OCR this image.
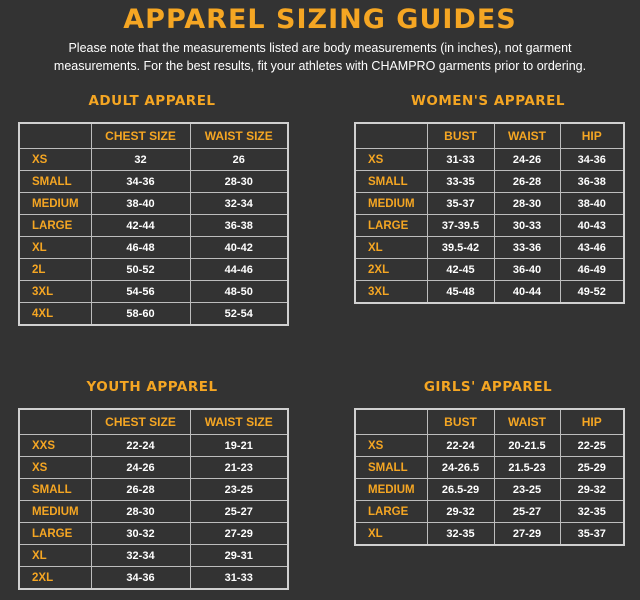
APPAREL SIZING GUIDES
Please note that the measurements listed are body measurements (in inches), not garment measurements. For the best results, fit your athletes with CHAMPRO garments prior to ordering.
ADULT APPAREL
	CHEST SIZE	WAIST SIZE
XS	32	26
SMALL	34-36	28-30
MEDIUM	38-40	32-34
LARGE	42-44	36-38
XL	46-48	40-42
2L	50-52	44-46
3XL	54-56	48-50
4XL	58-60	52-54
WOMEN'S APPAREL
	BUST	WAIST	HIP
XS	31-33	24-26	34-36
SMALL	33-35	26-28	36-38
MEDIUM	35-37	28-30	38-40
LARGE	37-39.5	30-33	40-43
XL	39.5-42	33-36	43-46
2XL	42-45	36-40	46-49
3XL	45-48	40-44	49-52
YOUTH APPAREL
	CHEST SIZE	WAIST SIZE
XXS	22-24	19-21
XS	24-26	21-23
SMALL	26-28	23-25
MEDIUM	28-30	25-27
LARGE	30-32	27-29
XL	32-34	29-31
2XL	34-36	31-33
GIRLS' APPAREL
	BUST	WAIST	HIP
XS	22-24	20-21.5	22-25
SMALL	24-26.5	21.5-23	25-29
MEDIUM	26.5-29	23-25	29-32
LARGE	29-32	25-27	32-35
XL	32-35	27-29	35-37
